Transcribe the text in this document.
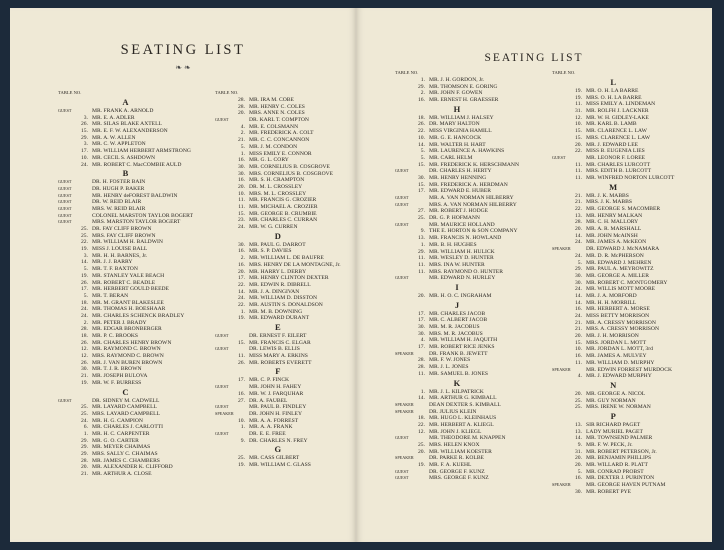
SEATING LIST
❧ ❧
TABLE NO.
A
GUEST	MR. FRANK A. ARNOLD
3. MR. E. A. ADLER
26. MR. SILAS BLAKE AXTELL
15. MR. E. F. W. ALEXANDERSON
29. MR. A. W. ALLEN
3. MR. C. W. APPLETON
17. MR. WILLIAM HERBERT ARMSTRONG
10. MR. CECIL S. ASHDOWN
24. MR. ROBERT C. MacCOMBIE AULD
B
GUEST	DR. H. FOSTER BAIN
GUEST	DR. HUGH P. BAKER
GUEST	MR. HENRY deFOREST BALDWIN
GUEST	DR. W. REID BLAIR
GUEST	MRS. W. REID BLAIR
GUEST	COLONEL MARSTON TAYLOR BOGERT
GUEST	MRS. MARSTON TAYLOR BOGERT
25. DR. FAY CLIFF BROWN
25. MRS. FAY CLIFF BROWN
22. MR. WILLIAM H. BALDWIN
19. MISS J. LOUISE BALL
3. MR. H. H. BARNES, Jr.
14. MR. J. J. BARRY
5. MR. T. F. BAXTON
19. MR. STANLEY YALE BEACH
26. MR. ROBERT C. BEADLE
17. MR. HERBERT GOULD BEEDE
5. MR. T. BERAN
18. MR. M. GRANT BLAKESLEE
24. MR. THOMAS H. BOESHAAR
24. MR. CHARLES SCHENCK BRADLEY
2. MR. PETER J. BRADY
28. MR. EDGAR BRONBERGER
18. MR. P. C. BROOKS
26. MR. CHARLES HENRY BROWN
12. MR. RAYMOND C. BROWN
12. MRS. RAYMOND C. BROWN
26. MR. J. VAN BUREN BROWN
30. MR. T. J. R. BROWN
21. MR. JOSEPH BULOVA
19. MR. W. F. BURRESS
C
GUEST	DR. SIDNEY M. CADWELL
25. MR. LAYARD CAMPBELL
25. MRS. LAYARD CAMPBELL
24. MR. H. G. CAMPION
6. MR. CHARLES J. CARLOTTI
1. MR. H. C. CARPENTER
29. MR. G. O. CARTER
29. MR. MEYER CHAIMAS
29. MRS. SALLY C. CHAIMAS
28. MR. JAMES C. CHAMBERS
20. MR. ALEXANDER K. CLIFFORD
21. MR. ARTHUR A. CLOSE
TABLE NO.
28. MR. IRA M. COBE
28. MR. HENRY C. COLES
20. MRS. ANNE N. COLES
GUEST	DR. KARL T. COMPTON
4. MR. E. COLSMANN
2. MR. FREDERICK A. COLT
21. MR. C. C. CONCANNON
5. MR. J. M. CONDON
1. MISS EMILY E. CONNOR
16. MR. G. L. CORY
30. MR. CORNELIUS B. COSGROVE
30. MRS. CORNELIUS B. COSGROVE
16. MR. S. H. CRAMPTON
20. DR. M. L. CROSSLEY
10. MRS. M. L. CROSSLEY
11. MR. FRANCIS G. CROZIER
11. MR. MICHAEL A. CROZIER
15. MR. GEORGE B. CRUMBIE
23. MR. CHARLES C. CURRAN
24. MR. W. G. CURREN
D
30. MR. PAUL G. DARROT
16. MR. S. P. DAVIES
2. MR. WILLIAM L. DE BAUFRE
16. MRS. HENRY DE LA MONTAGNE, Jr.
20. MR. HARRY L. DERBY
17. MR. HENRY CLINTON DEXTER
22. MR. EDWIN R. DIBRELL
14. MR. J. A. DINGIVAN
24. MR. WILLIAM D. DISSTON
22. MR. AUSTIN S. DONALDSON
1. MR. M. B. DOWNING
19. MR. EDWARD DURANT
E
GUEST	DR. ERNEST F. EILERT
15. MR. FRANCIS C. ELGAR
GUEST	DR. LEWIS B. ELLIS
11. MISS MARY A. ERKINS
26. MR. ROBERTS EVERETT
F
17. MR. C. P. FINCK
GUEST	MR. JOHN H. FAHEY
16. MR. W. J. FARQUHAR
27. DR. A. FAUBEL
GUEST	MR. PAUL B. FINDLEY
SPEAKER	DR. JOHN H. FINLEY
10. MR. A. A. FORREST
1. MR. A. A. FRANK
GUEST	DR. E. E. FREE
9. DR. CHARLES N. FREY
G
25. MR. CASS GILBERT
19. MR. WILLIAM C. GLASS
SEATING LIST
TABLE NO.
1. MR. J. H. GORDON, Jr.
29. MR. THOMSON E. GORING
2. MR. JOHN F. GOWEN
16. MR. ERNEST H. GRAESSER
H
18. MR. WILLIAM J. HALSEY
26. DR. MARY HALTON
22. MISS VIRGINIA HAMILL
10. MR. G. E. HANCOCK
14. MR. WALTER H. HART
5. MR. LAURENCE A. HAWKINS
5. MR. CARL HELM
15. MR. FREDERICK K. HERSCHMANN
GUEST	DR. CHARLES H. HERTY
30. MR. HENRY HENNING
15. MR. FREDERICK A. HERDMAN
17. MR. EDWARD E. HUBER
GUEST	MR. A. VAN NORMAN HILBERRY
GUEST	MRS. A. VAN NORMAN HILBERRY
27. MR. ROBERT J. HODGE
25. DR. G. P. HOFMANN
GUEST	MR. MAURICE HOLLAND
9. THE E. HORTON & SON COMPANY
13. MR. FRANCIS N. HOWLAND
1. MR. B. H. HUGHES
29. MR. WILLIAM H. HULICK
11. MR. WESLEY D. HUNTER
11. MRS. INA W. HUNTER
11. MRS. RAYMOND O. HUNTER
GUEST	MR. EDWARD N. HURLEY
I
20. MR. H. O. C. INGRAHAM
J
17. MR. CHARLES JACOB
17. MR. C. ALBERT JACOB
30. MR. M. R. JACOBUS
30. MRS. M. R. JACOBUS
4. MR. WILLIAM H. JAQUITH
17. MR. ROBERT RICE JENKS
SPEAKER	DR. FRANK B. JEWETT
28. MR. F. W. JONES
28. MR. J. L. JONES
11. MR. SAMUEL B. JONES
K
1. MR. J. L. KILPATRICK
14. MR. ARTHUR G. KIMBALL
SPEAKER	DEAN DEXTER S. KIMBALL
SPEAKER	DR. JULIUS KLEIN
18. MR. HUGO L. KLEINHAUS
22. MR. HERBERT A. KLIEGL
12. MR. JOHN J. KLIEGL
GUEST	MR. THEODORE M. KNAPPEN
25. MRS. HELEN KNOX
20. MR. WILLIAM KOESTER
SPEAKER	DR. PARKE R. KOLBE
19. MR. F. A. KUEHL
GUEST	DR. GEORGE F. KUNZ
GUEST	MRS. GEORGE F. KUNZ
TABLE NO.
L
19. MR. O. H. LA BARRE
19. MRS. O. H. LA BARRE
11. MISS EMILY A. LINDEMAN
31. MR. ROLFH J. LACKNER
12. MR. W. H. GIDLEY-LAKE
10. MR. KARL B. LAMB
15. MR. CLARENCE L. LAW
15. MRS. CLARENCE L. LAW
20. MR. J. EDWARD LEE
22. MISS B. EUGENIA LIES
GUEST	MR. LEONOR F. LOREE
11. MR. CHARLES LURCOTT
11. MRS. EDITH B. LURCOTT
11. MR. WINFRED NORTON LURCOTT
M
21. MR. J. K. MABBS
21. MRS. J. K. MABBS
22. MR. GEORGE S. MACOMBER
13. MR. HENRY MALKAN
28. MR. C. H. MALLORY
20. MR. A. R. MARSHALL
14. MR. JOHN McAINSH
24. MR. JAMES A. McKEON
SPEAKER	DR. EDWARD J. McNAMARA
24. MR. D. R. McPHERSON
5. MR. EDWARD J. MEHREN
29. MR. PAUL A. MEYROWITZ
30. MR. GEORGE A. MILLER
30. MR. ROBERT C. MONTGOMERY
24. MR. WILLIS MOTT MOORE
14. MR. J. A. MORFORD
14. MR. H. H. MORRILL
16. MR. HERBERT A. MORSE
24. MISS BETTY MORRISON
21. MR. A. CRESSY MORRISON
21. MRS. A. CRESSY MORRISON
20. MR. J. H. MORRISON
15. MRS. JORDAN L. MOTT
10. MR. JORDAN L. MOTT, 3rd
16. MR. JAMES A. MULVEY
11. MR. WILLIAM D. MURPHY
SPEAKER	MR. EDWIN FORREST MURDOCK
4. MR. J. EDWARD MURPHY
N
20. MR. GEORGE A. NICOL
25. MR. GUY NORMAN
25. MRS. IRENE W. NORMAN
P
13. SIR RICHARD PAGET
13. LADY MURIEL PAGET
14. MR. TOWNSEND PALMER
9. MR. F. W. PECK, Jr.
31. MR. ROBERT PETERSON, Jr.
20. MR. BENJAMIN PHILLIPS
20. MR. WILLARD R. PLATT
5. MR. CONRAD PROBST
16. MR. DEXTER J. PURINTON
SPEAKER	MR. GEORGE HAVEN PUTNAM
30. MR. ROBERT PYE
